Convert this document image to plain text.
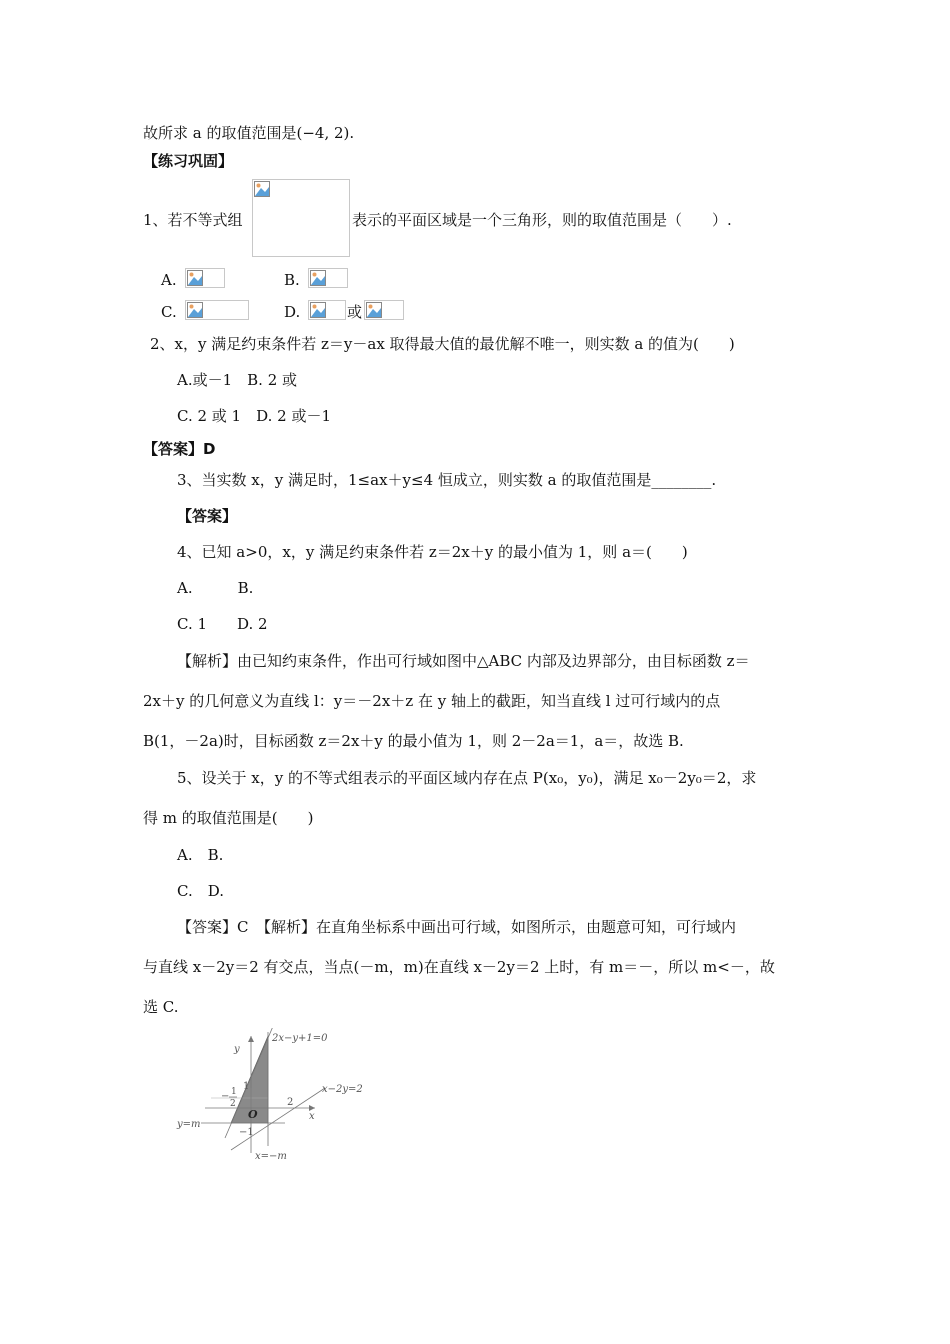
故所求 a 的取值范围是(−4, 2).
【练习巩固】
1、若不等式组	表示的平面区域是一个三角形，则的取值范围是（　　）.
A.	B.
C.	D.	或
2、x，y 满足约束条件若 z＝y－ax 取得最大值的最优解不唯一，则实数 a 的值为(　　)
A.或－1　B. 2 或
C. 2 或 1　D. 2 或－1
【答案】D
3、当实数 x，y 满足时，1≤ax＋y≤4 恒成立，则实数 a 的取值范围是________.
【答案】
4、已知 a>0，x，y 满足约束条件若 z＝2x＋y 的最小值为 1，则 a＝(　　)
A.　　　B.
C. 1　　D. 2
【解析】由已知约束条件，作出可行域如图中△ABC 内部及边界部分，由目标函数 z＝
2x＋y 的几何意义为直线 l：y＝－2x＋z 在 y 轴上的截距，知当直线 l 过可行域内的点
B(1，－2a)时，目标函数 z＝2x＋y 的最小值为 1，则 2－2a＝1，a＝，故选 B.
5、设关于 x，y 的不等式组表示的平面区域内存在点 P(x₀，y₀)，满足 x₀－2y₀＝2，求
得 m 的取值范围是(　　)
A.　B.
C.　D.
【答案】C　【解析】在直角坐标系中画出可行域，如图所示，由题意可知，可行域内
与直线 x－2y＝2 有交点，当点(－m，m)在直线 x－2y＝2 上时，有 m＝－，所以 m<－，故
选 C.
2x−y+1=0
x−2y=2
y=m
x=−m
y
x
O
1
−1
2
− 1
2
